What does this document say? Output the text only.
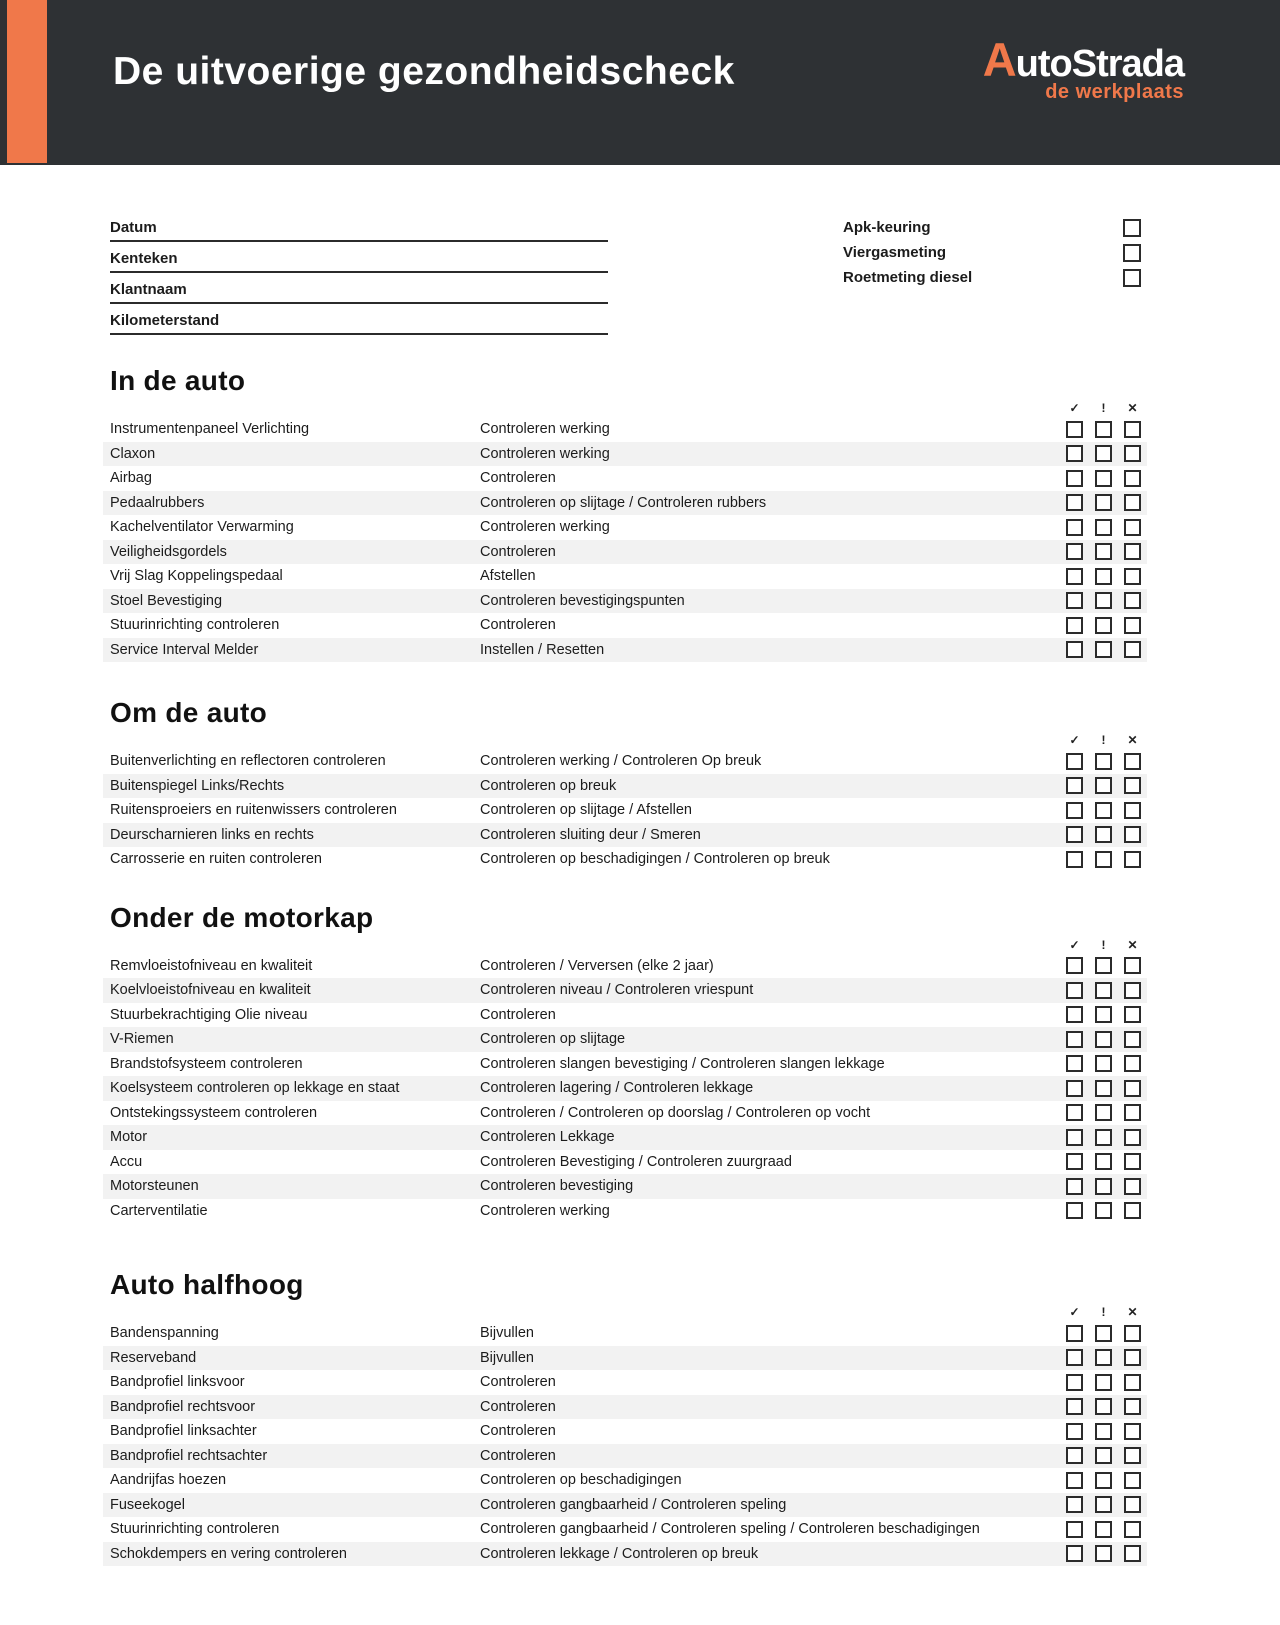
De uitvoerige gezondheidscheck	AutoStrada
de werkplaats
Datum
Kenteken
Klantnaam
Kilometerstand
Apk-keuring
Viergasmeting
Roetmeting diesel
In de auto
✓	!	✕
Instrumentenpaneel Verlichting	Controleren werking
Claxon	Controleren werking
Airbag	Controleren
Pedaalrubbers	Controleren op slijtage / Controleren rubbers
Kachelventilator Verwarming	Controleren werking
Veiligheidsgordels	Controleren
Vrij Slag Koppelingspedaal	Afstellen
Stoel Bevestiging	Controleren bevestigingspunten
Stuurinrichting controleren	Controleren
Service Interval Melder	Instellen / Resetten
Om de auto
✓	!	✕
Buitenverlichting en reflectoren controleren	Controleren werking / Controleren Op breuk
Buitenspiegel Links/Rechts	Controleren op breuk
Ruitensproeiers en ruitenwissers controleren	Controleren op slijtage / Afstellen
Deurscharnieren links en rechts	Controleren sluiting deur / Smeren
Carrosserie en ruiten controleren	Controleren op beschadigingen / Controleren op breuk
Onder de motorkap
✓	!	✕
Remvloeistofniveau en kwaliteit	Controleren / Verversen (elke 2 jaar)
Koelvloeistofniveau en kwaliteit	Controleren niveau / Controleren vriespunt
Stuurbekrachtiging Olie niveau	Controleren
V-Riemen	Controleren op slijtage
Brandstofsysteem controleren	Controleren slangen bevestiging / Controleren slangen lekkage
Koelsysteem controleren op lekkage en staat	Controleren lagering / Controleren lekkage
Ontstekingssysteem controleren	Controleren / Controleren op doorslag / Controleren op vocht
Motor	Controleren Lekkage
Accu	Controleren Bevestiging / Controleren zuurgraad
Motorsteunen	Controleren bevestiging
Carterventilatie	Controleren werking
Auto halfhoog
✓	!	✕
Bandenspanning	Bijvullen
Reserveband	Bijvullen
Bandprofiel linksvoor	Controleren
Bandprofiel rechtsvoor	Controleren
Bandprofiel linksachter	Controleren
Bandprofiel rechtsachter	Controleren
Aandrijfas hoezen	Controleren op beschadigingen
Fuseekogel	Controleren gangbaarheid / Controleren speling
Stuurinrichting controleren	Controleren gangbaarheid / Controleren speling / Controleren beschadigingen
Schokdempers en vering controleren	Controleren lekkage / Controleren op breuk
